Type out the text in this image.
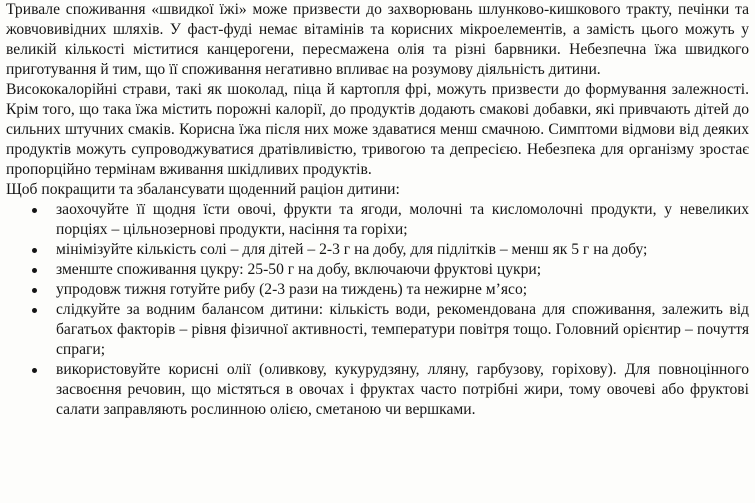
Тривале споживання «швидкої їжі» може призвести до захворювань шлунково-кишкового тракту, печінки та жовчовивідних шляхів. У фаст-фуді немає вітамінів та корисних мікроелементів, а замість цього можуть у великій кількості міститися канцерогени, пересмажена олія та різні барвники. Небезпечна їжа швидкого приготування й тим, що її споживання негативно впливає на розумову діяльність дитини.

Висококалорійні страви, такі як шоколад, піца й картопля фрі, можуть призвести до формування залежності. Крім того, що така їжа містить порожні калорії, до продуктів додають смакові добавки, які привчають дітей до сильних штучних смаків. Корисна їжа після них може здаватися менш смачною. Симптоми відмови від деяких продуктів можуть супроводжуватися дратівливістю, тривогою та депресією. Небезпека для організму зростає пропорційно термінам вживання шкідливих продуктів.

Щоб покращити та збалансувати щоденний раціон дитини:

заохочуйте її щодня їсти овочі, фрукти та ягоди, молочні та кисломолочні продукти, у невеликих порціях – цільнозернові продукти, насіння та горіхи;
мінімізуйте кількість солі – для дітей – 2-3 г на добу, для підлітків – менш як 5 г на добу;
зменште споживання цукру: 25-50 г на добу, включаючи фруктові цукри;
упродовж тижня готуйте рибу (2-3 рази на тиждень) та нежирне м’ясо;
слідкуйте за водним балансом дитини: кількість води, рекомендована для споживання, залежить від багатьох факторів – рівня фізичної активності, температури повітря тощо. Головний орієнтир – почуття спраги;
використовуйте корисні олії (оливкову, кукурудзяну, лляну, гарбузову, горіхову). Для повноцінного засвоєння речовин, що містяться в овочах і фруктах часто потрібні жири, тому овочеві або фруктові салати заправляють рослинною олією, сметаною чи вершками.
